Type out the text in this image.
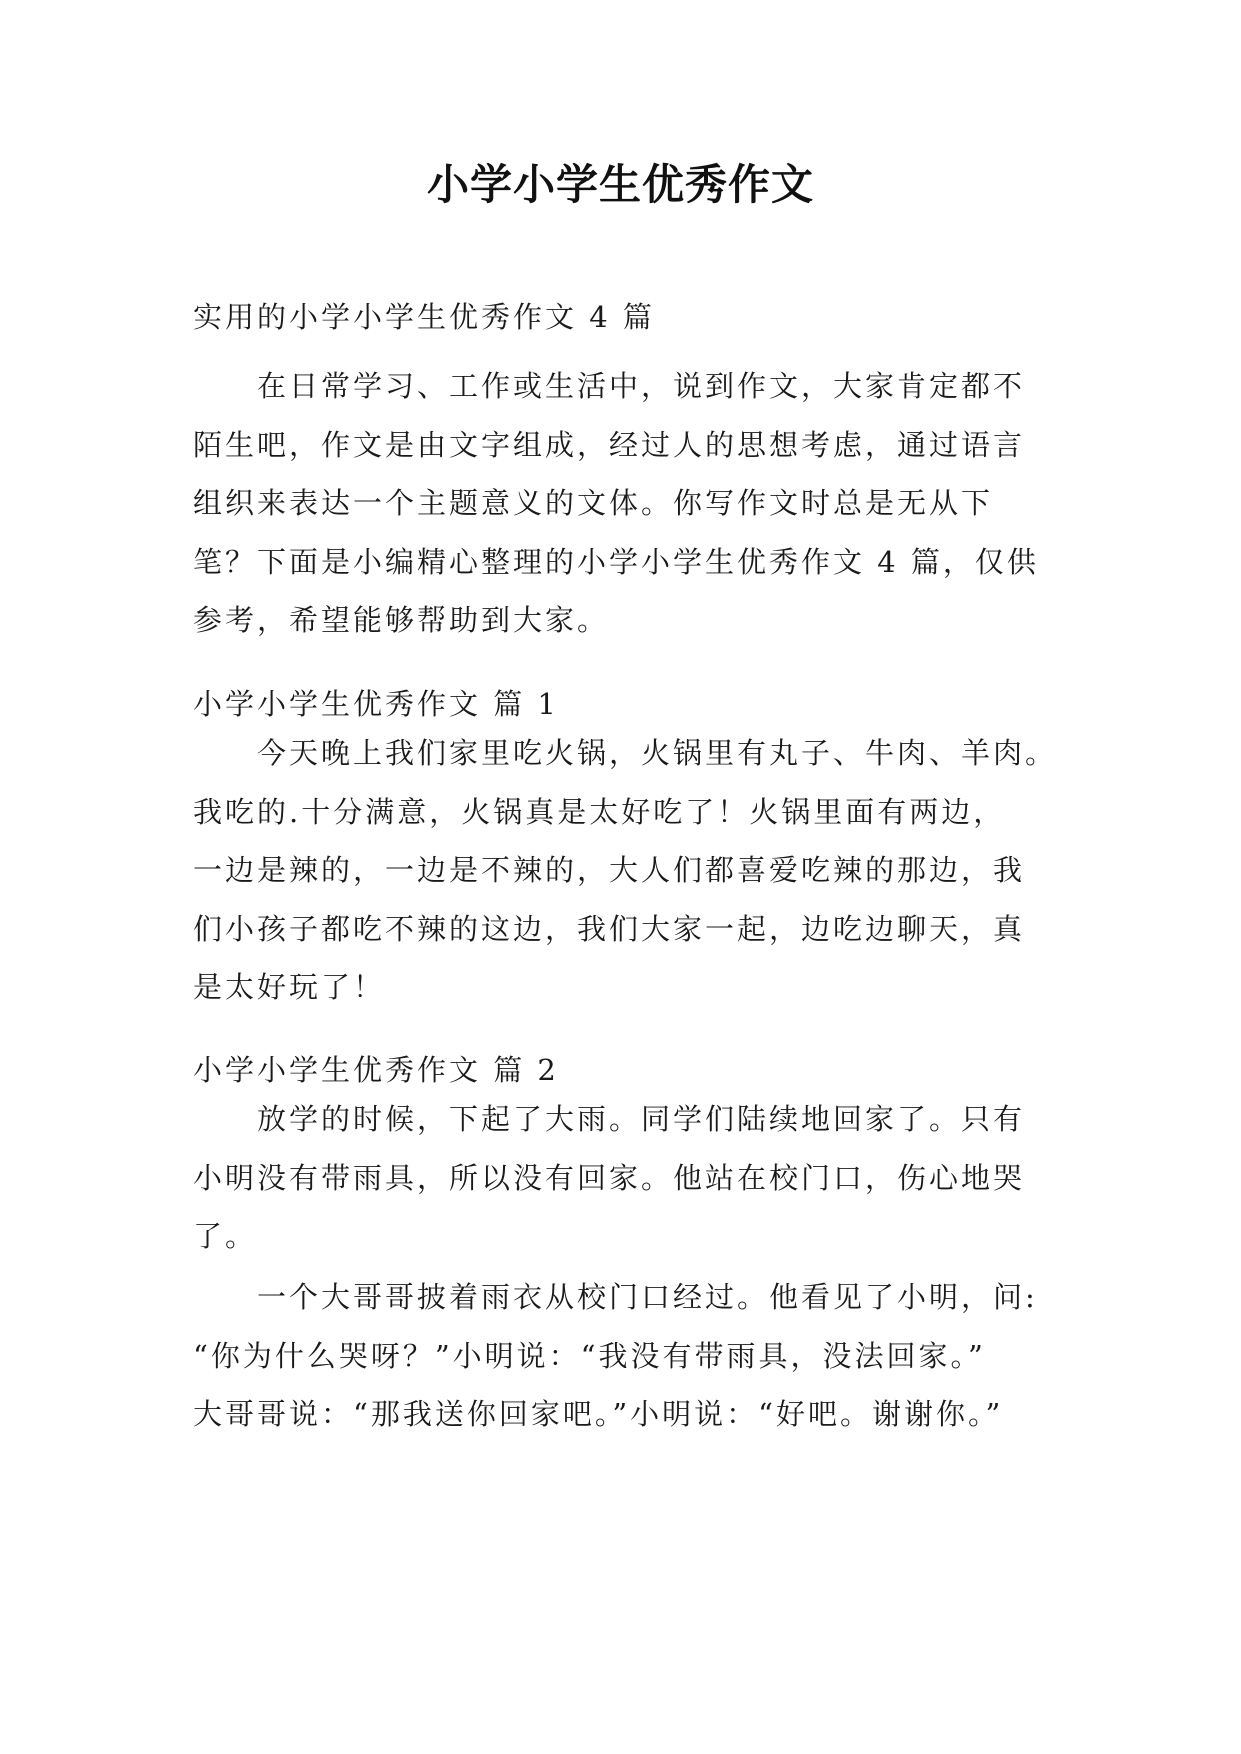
小学小学生优秀作文
实用的小学小学生优秀作文 4 篇
在日常学习、工作或生活中，说到作文，大家肯定都不
陌生吧，作文是由文字组成，经过人的思想考虑，通过语言
组织来表达一个主题意义的文体。你写作文时总是无从下
笔？下面是小编精心整理的小学小学生优秀作文 4 篇，仅供
参考，希望能够帮助到大家。
小学小学生优秀作文 篇 1
今天晚上我们家里吃火锅，火锅里有丸子、牛肉、羊肉。
我吃的.十分满意，火锅真是太好吃了！火锅里面有两边，
一边是辣的，一边是不辣的，大人们都喜爱吃辣的那边，我
们小孩子都吃不辣的这边，我们大家一起，边吃边聊天，真
是太好玩了！
小学小学生优秀作文 篇 2
放学的时候，下起了大雨。同学们陆续地回家了。只有
小明没有带雨具，所以没有回家。他站在校门口，伤心地哭
了。
一个大哥哥披着雨衣从校门口经过。他看见了小明，问:
“你为什么哭呀？”小明说：“我没有带雨具，没法回家。”
大哥哥说：“那我送你回家吧。”小明说：“好吧。谢谢你。”
